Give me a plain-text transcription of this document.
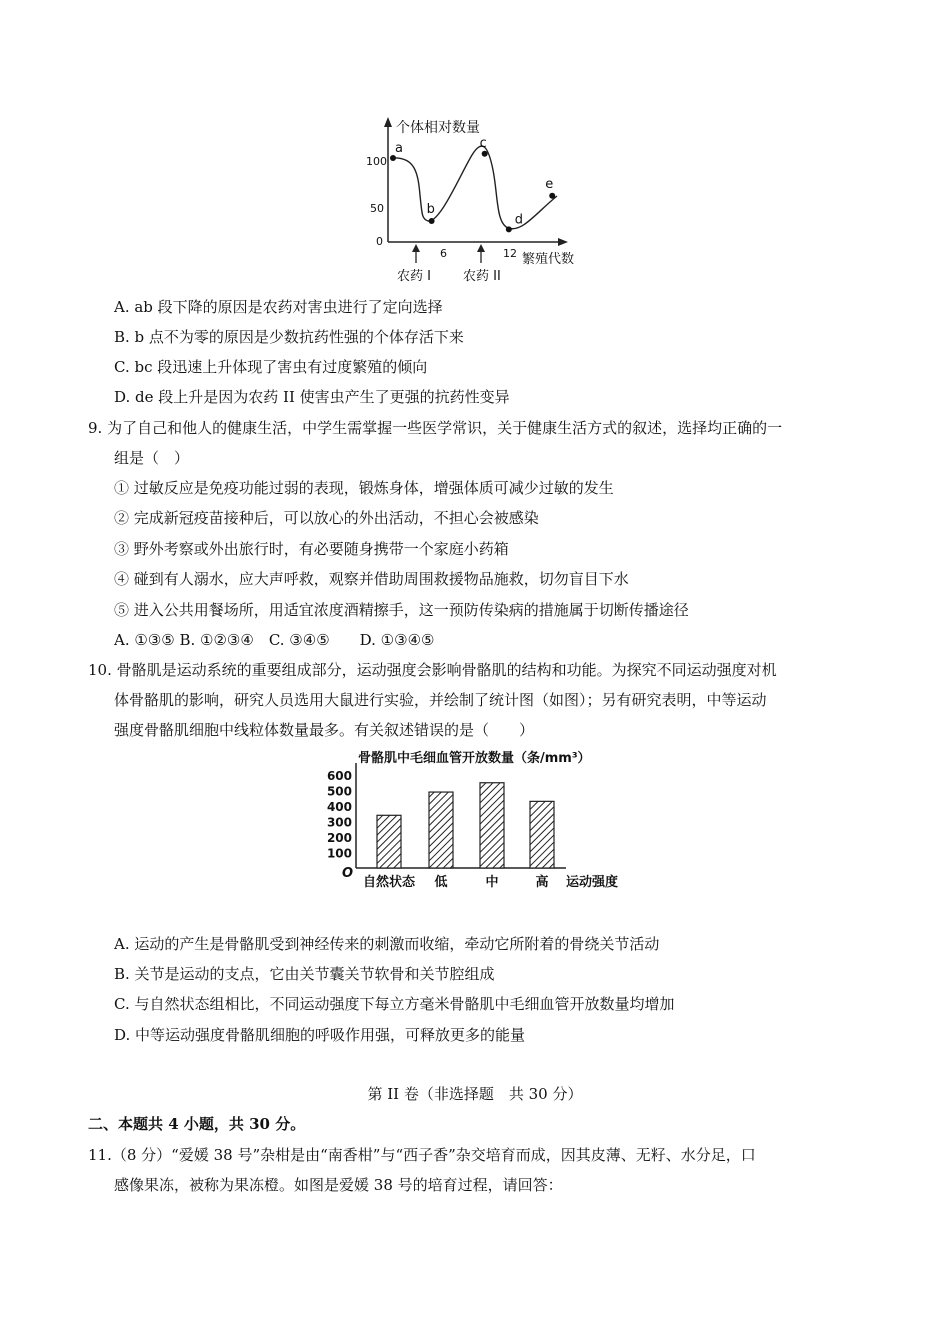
个体相对数量
100
50
0
6	12 繁殖代数
a
b
c
d
e
农药 I 农药 II
A. ab 段下降的原因是农药对害虫进行了定向选择
B. b 点不为零的原因是少数抗药性强的个体存活下来
C. bc 段迅速上升体现了害虫有过度繁殖的倾向
D. de 段上升是因为农药 II 使害虫产生了更强的抗药性变异
9. 为了自己和他人的健康生活，中学生需掌握一些医学常识，关于健康生活方式的叙述，选择均正确的一
组是（　）
① 过敏反应是免疫功能过弱的表现，锻炼身体，增强体质可减少过敏的发生
② 完成新冠疫苗接种后，可以放心的外出活动，不担心会被感染
③ 野外考察或外出旅行时，有必要随身携带一个家庭小药箱
④ 碰到有人溺水，应大声呼救，观察并借助周围救援物品施救，切勿盲目下水
⑤ 进入公共用餐场所，用适宜浓度酒精擦手，这一预防传染病的措施属于切断传播途径
A. ①③⑤ B. ①②③④　C. ③④⑤　　D. ①③④⑤
10. 骨骼肌是运动系统的重要组成部分，运动强度会影响骨骼肌的结构和功能。为探究不同运动强度对机
体骨骼肌的影响，研究人员选用大鼠进行实验，并绘制了统计图（如图）；另有研究表明，中等运动
强度骨骼肌细胞中线粒体数量最多。有关叙述错误的是（　　）
骨骼肌中毛细血管开放数量（条/mm³）
O
运动强度
600
500
400
300
200
100
自然状态 低	中	高
A. 运动的产生是骨骼肌受到神经传来的刺激而收缩，牵动它所附着的骨绕关节活动
B. 关节是运动的支点，它由关节囊关节软骨和关节腔组成
C. 与自然状态组相比，不同运动强度下每立方毫米骨骼肌中毛细血管开放数量均增加
D. 中等运动强度骨骼肌细胞的呼吸作用强，可释放更多的能量
第 II 卷（非选择题　共 30 分）
二、本题共 4 小题，共 30 分。
11.（8 分）“爱媛 38 号”杂柑是由“南香柑”与“西子香”杂交培育而成，因其皮薄、无籽、水分足，口
感像果冻，被称为果冻橙。如图是爱媛 38 号的培育过程，请回答：
